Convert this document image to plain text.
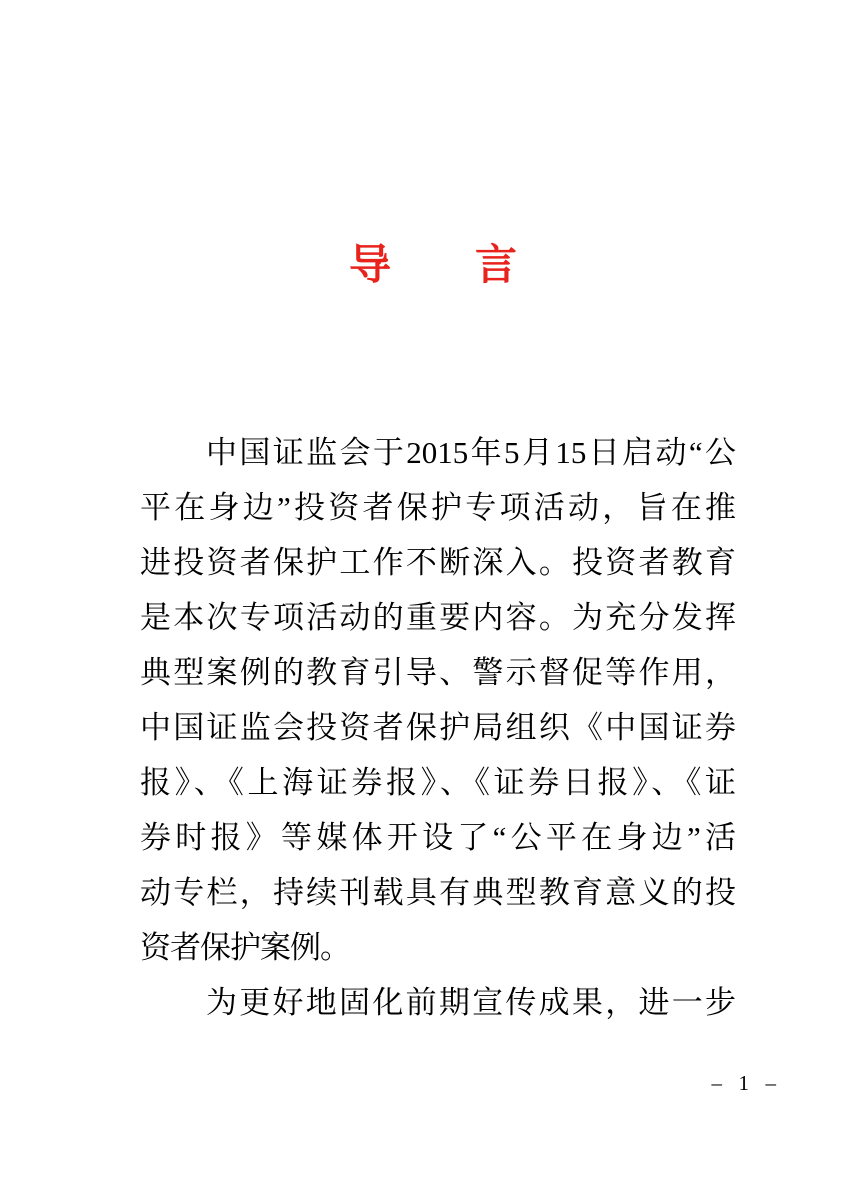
导　　言
中国证监会于2015年5月15日启动“公
平在身边”投资者保护专项活动，旨在推
进投资者保护工作不断深入。投资者教育
是本次专项活动的重要内容。为充分发挥
典型案例的教育引导、警示督促等作用，
中国证监会投资者保护局组织《中国证券
报》、《上海证券报》、《证券日报》、《证
券时报》等媒体开设了“公平在身边”活
动专栏，持续刊载具有典型教育意义的投
资者保护案例。
为更好地固化前期宣传成果，进一步
–  1  –
